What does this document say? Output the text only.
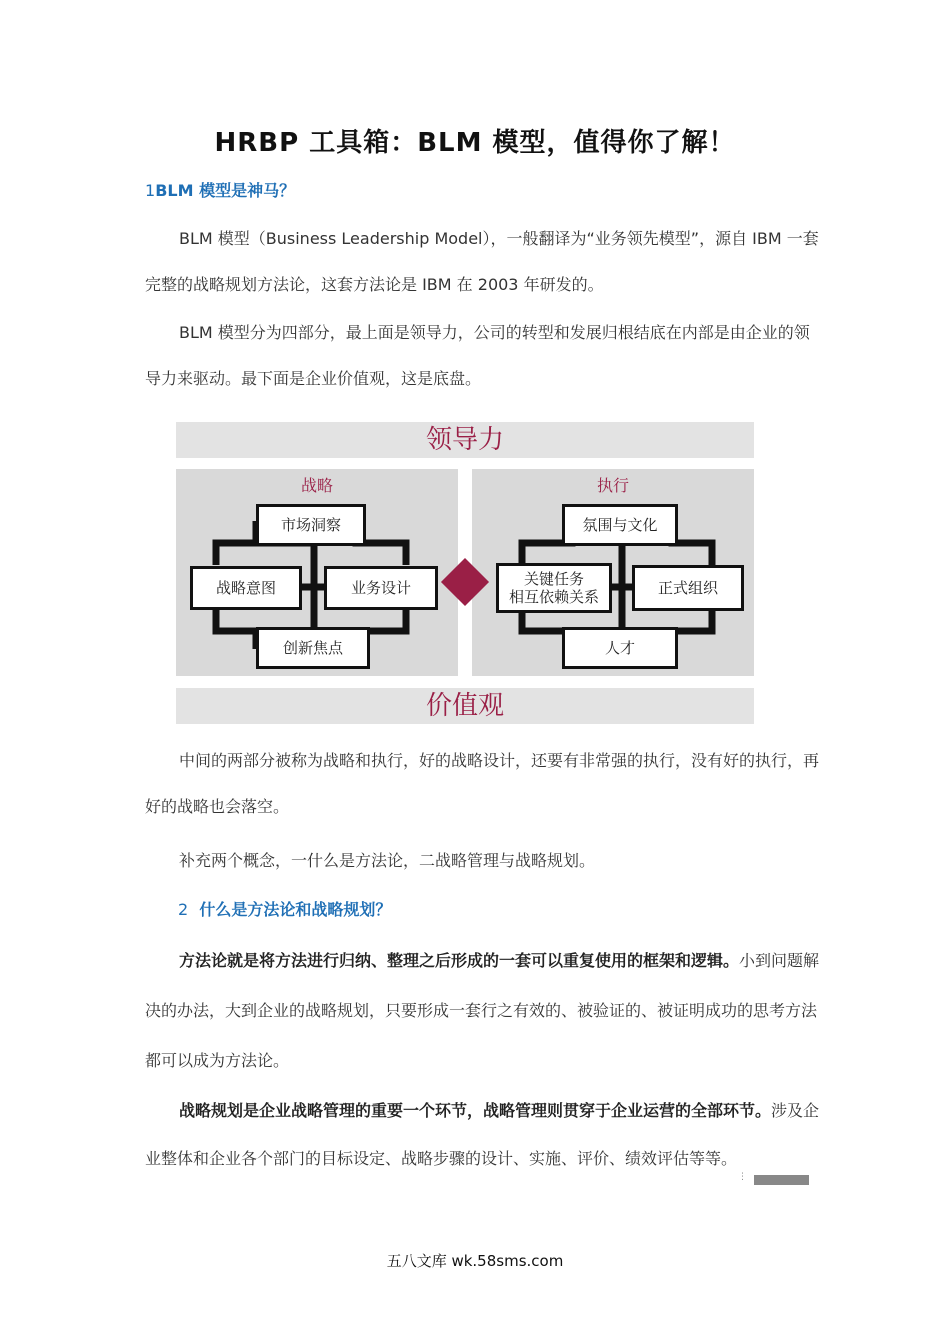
HRBP 工具箱：BLM 模型，值得你了解！
1BLM 模型是神马？
BLM 模型（Business Leadership Model），一般翻译为“业务领先模型”，源自 IBM 一套完整的战略规划方法论，这套方法论是 IBM 在 2003 年研发的。
BLM 模型分为四部分，最上面是领导力，公司的转型和发展归根结底在内部是由企业的领导力来驱动。最下面是企业价值观，这是底盘。
领导力
价值观
战略
市场洞察
战略意图	业务设计
创新焦点
执行
氛围与文化
关键任务
相互依赖关系	正式组织
人才
中间的两部分被称为战略和执行，好的战略设计，还要有非常强的执行，没有好的执行，再好的战略也会落空。
补充两个概念，一什么是方法论，二战略管理与战略规划。
2 什么是方法论和战略规划？
方法论就是将方法进行归纳、整理之后形成的一套可以重复使用的框架和逻辑。小到问题解决的办法，大到企业的战略规划，只要形成一套行之有效的、被验证的、被证明成功的思考方法都可以成为方法论。
战略规划是企业战略管理的重要一个环节，战略管理则贯穿于企业运营的全部环节。涉及企业整体和企业各个部门的目标设定、战略步骤的设计、实施、评价、绩效评估等等。
⋮
五八文库 wk.58sms.com
